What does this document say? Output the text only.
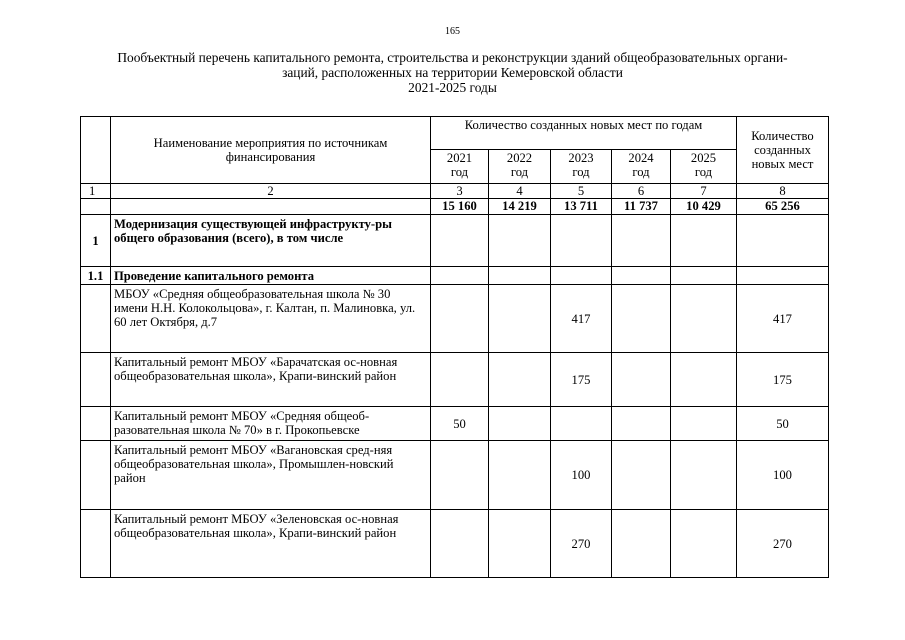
165
Пообъектный перечень капитального ремонта, строительства и реконструкции зданий общеобразовательных органи-
заций, расположенных на территории Кемеровской области
2021-2025 годы
	Наименование мероприятия по источникам финансирования	Количество созданных новых мест по годам					Количество созданных новых мест
		2021 год	2022 год	2023 год	2024 год	2025 год	
1	2	3	4	5	6	7	8
		15 160	14 219	13 711	11 737	10 429	65 256
1	Модернизация существующей инфраструкту-ры общего образования (всего), в том числе						
1.1	Проведение капитального ремонта						
	МБОУ «Средняя общеобразовательная школа № 30 имени Н.Н. Колокольцова», г. Калтан, п. Малиновка, ул. 60 лет Октября, д.7			417			417
	Капитальный ремонт МБОУ «Барачатская ос-новная общеобразовательная школа», Крапи-винский район			175			175
	Капитальный ремонт МБОУ «Средняя общеоб-разовательная школа № 70» в г. Прокопьевске	50					50
	Капитальный ремонт МБОУ «Вагановская сред-няя общеобразовательная школа», Промышлен-новский район			100			100
	Капитальный ремонт МБОУ «Зеленовская ос-новная общеобразовательная школа», Крапи-винский район			270			270
